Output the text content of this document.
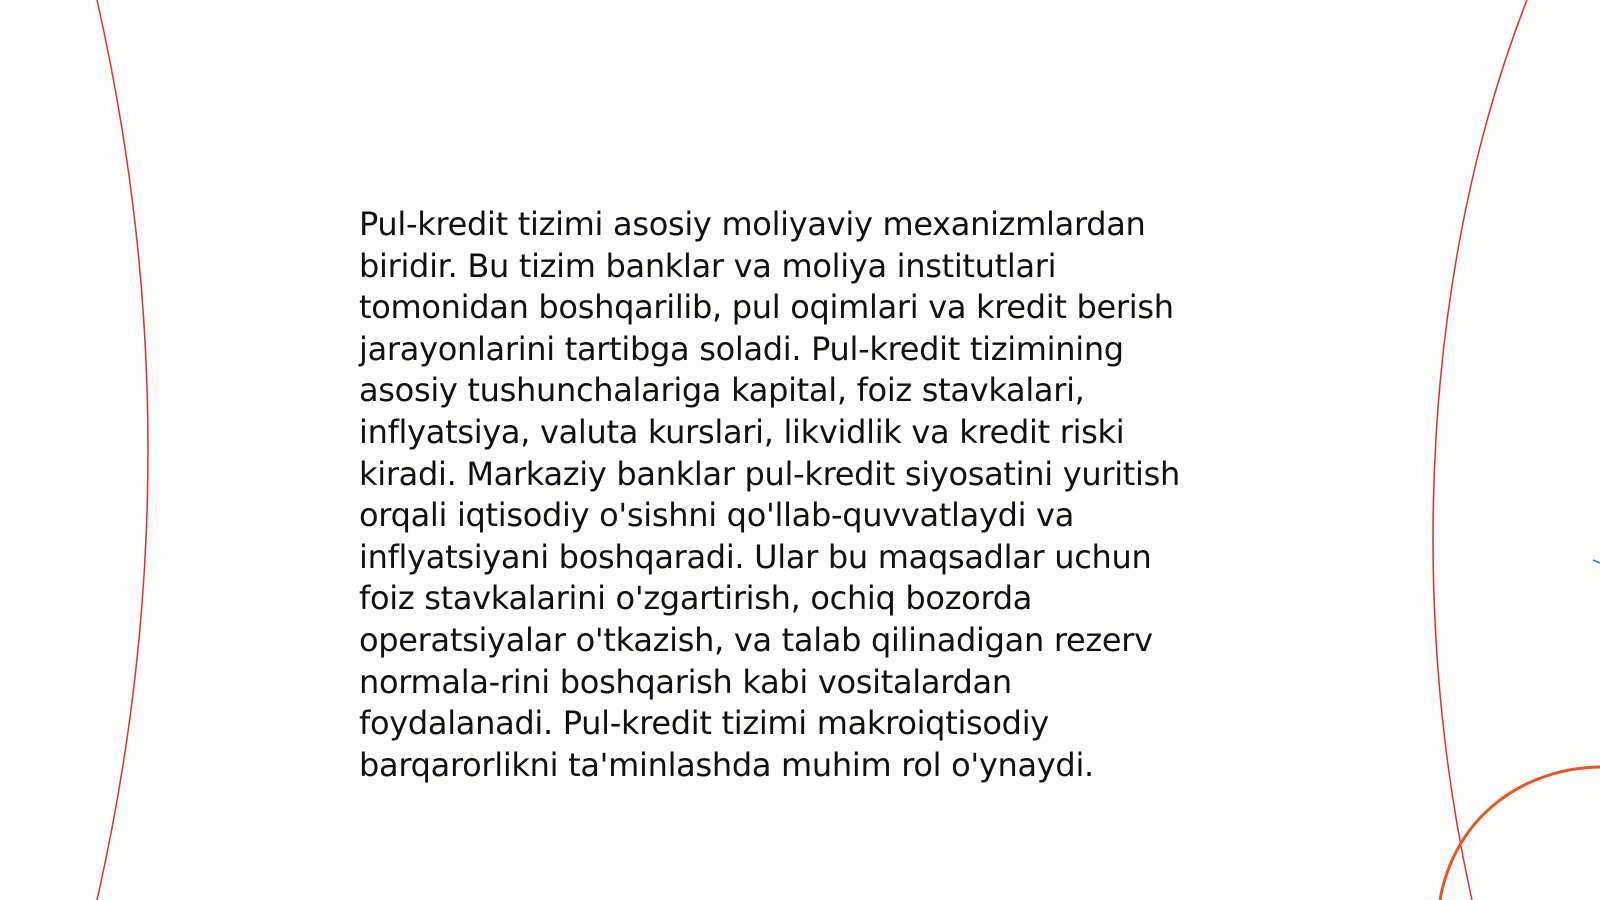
Pul-kredit tizimi asosiy moliyaviy mexanizmlardan
biridir. Bu tizim banklar va moliya institutlari
tomonidan boshqarilib, pul oqimlari va kredit berish
jarayonlarini tartibga soladi. Pul-kredit tizimining
asosiy tushunchalariga kapital, foiz stavkalari,
inflyatsiya, valuta kurslari, likvidlik va kredit riski
kiradi. Markaziy banklar pul-kredit siyosatini yuritish
orqali iqtisodiy o'sishni qo'llab-quvvatlaydi va
inflyatsiyani boshqaradi. Ular bu maqsadlar uchun
foiz stavkalarini o'zgartirish, ochiq bozorda
operatsiyalar o'tkazish, va talab qilinadigan rezerv
normala-rini boshqarish kabi vositalardan
foydalanadi. Pul-kredit tizimi makroiqtisodiy
barqarorlikni ta'minlashda muhim rol o'ynaydi.
